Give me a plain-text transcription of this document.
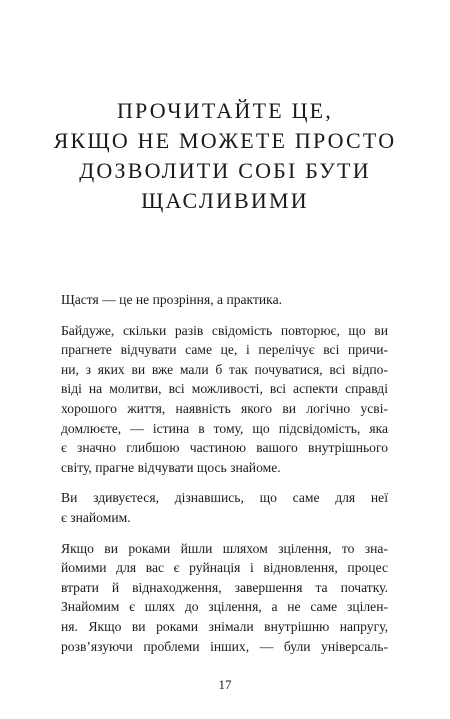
ПРОЧИТАЙТЕ ЦЕ,
ЯКЩО НЕ МОЖЕТЕ ПРОСТО
ДОЗВОЛИТИ СОБІ БУТИ
ЩАСЛИВИМИ

Щастя — це не прозріння, а практика.

Байдуже, скільки разів свідомість повторює, що ви
прагнете відчувати саме це, і перелічує всі причи-
ни, з яких ви вже мали б так почуватися, всі відпо-
віді на молитви, всі можливості, всі аспекти справді
хорошого життя, наявність якого ви логічно усві-
домлюєте, — істина в тому, що підсвідомість, яка
є значно глибшою частиною вашого внутрішнього
світу, прагне відчувати щось знайоме.

Ви здивуєтеся, дізнавшись, що саме для неї
є знайомим.

Якщо ви роками йшли шляхом зцілення, то зна-
йомими для вас є руйнація і відновлення, процес
втрати й віднаходження, завершення та початку.
Знайомим є шлях до зцілення, а не саме зцілен-
ня. Якщо ви роками знімали внутрішню напругу,
розв’язуючи проблеми інших, — були універсаль-

17
